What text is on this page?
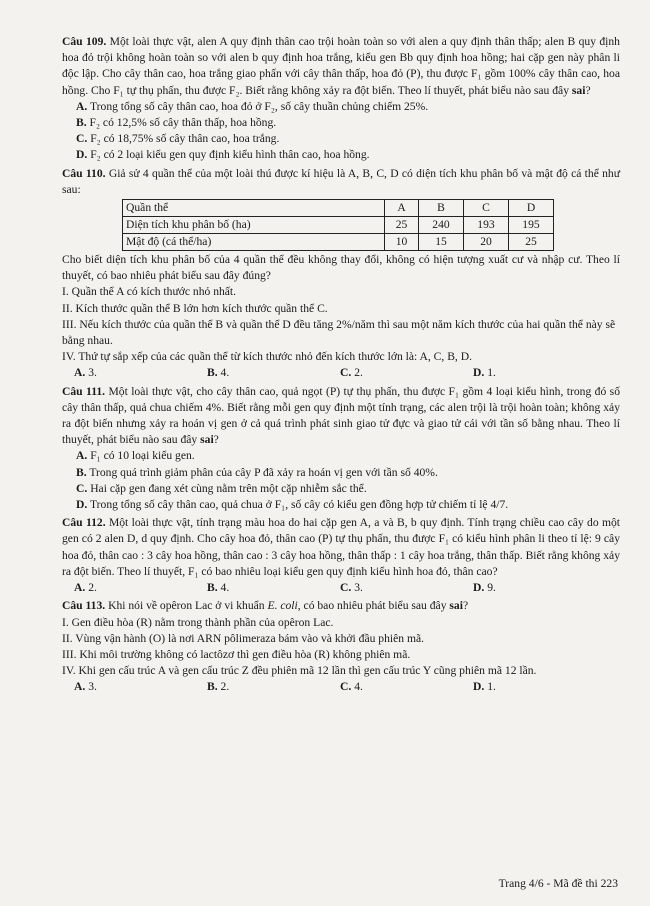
Câu 109. Một loài thực vật, alen A quy định thân cao trội hoàn toàn so với alen a quy định thân thấp; alen B quy định hoa đỏ trội không hoàn toàn so với alen b quy định hoa trắng, kiểu gen Bb quy định hoa hồng; hai cặp gen này phân li độc lập. Cho cây thân cao, hoa trắng giao phấn với cây thân thấp, hoa đỏ (P), thu được F₁ gồm 100% cây thân cao, hoa hồng. Cho F₁ tự thụ phấn, thu được F₂. Biết rằng không xảy ra đột biến. Theo lí thuyết, phát biểu nào sau đây sai?

A. Trong tổng số cây thân cao, hoa đỏ ở F₂, số cây thuần chủng chiếm 25%.

B. F₂ có 12,5% số cây thân thấp, hoa hồng.

C. F₂ có 18,75% số cây thân cao, hoa trắng.

D. F₂ có 2 loại kiểu gen quy định kiểu hình thân cao, hoa hồng.

Câu 110. Giả sử 4 quần thể của một loài thú được kí hiệu là A, B, C, D có diện tích khu phân bố và mật độ cá thể như sau:

Quần thể	A	B	C	D
Diện tích khu phân bố (ha)	25	240	193	195
Mật độ (cá thể/ha)	10	15	20	25

Cho biết diện tích khu phân bố của 4 quần thể đều không thay đổi, không có hiện tượng xuất cư và nhập cư. Theo lí thuyết, có bao nhiêu phát biểu sau đây đúng?

I. Quần thể A có kích thước nhỏ nhất.

II. Kích thước quần thể B lớn hơn kích thước quần thể C.

III. Nếu kích thước của quần thể B và quần thể D đều tăng 2%/năm thì sau một năm kích thước của hai quần thể này sẽ bằng nhau.

IV. Thứ tự sắp xếp của các quần thể từ kích thước nhỏ đến kích thước lớn là: A, C, B, D.

A. 3.	B. 4.	C. 2.	D. 1.

Câu 111. Một loài thực vật, cho cây thân cao, quả ngọt (P) tự thụ phấn, thu được F₁ gồm 4 loại kiểu hình, trong đó số cây thân thấp, quả chua chiếm 4%. Biết rằng mỗi gen quy định một tính trạng, các alen trội là trội hoàn toàn; không xảy ra đột biến nhưng xảy ra hoán vị gen ở cả quá trình phát sinh giao tử đực và giao tử cái với tần số bằng nhau. Theo lí thuyết, phát biểu nào sau đây sai?

A. F₁ có 10 loại kiểu gen.

B. Trong quá trình giảm phân của cây P đã xảy ra hoán vị gen với tần số 40%.

C. Hai cặp gen đang xét cùng nằm trên một cặp nhiễm sắc thể.

D. Trong tổng số cây thân cao, quả chua ở F₁, số cây có kiểu gen đồng hợp tử chiếm tỉ lệ 4/7.

Câu 112. Một loài thực vật, tính trạng màu hoa do hai cặp gen A, a và B, b quy định. Tính trạng chiều cao cây do một gen có 2 alen D, d quy định. Cho cây hoa đỏ, thân cao (P) tự thụ phấn, thu được F₁ có kiểu hình phân li theo tỉ lệ: 9 cây hoa đỏ, thân cao : 3 cây hoa hồng, thân cao : 3 cây hoa hồng, thân thấp : 1 cây hoa trắng, thân thấp. Biết rằng không xảy ra đột biến. Theo lí thuyết, F₁ có bao nhiêu loại kiểu gen quy định kiểu hình hoa đỏ, thân cao?

A. 2.	B. 4.	C. 3.	D. 9.

Câu 113. Khi nói về opêron Lac ở vi khuẩn E. coli, có bao nhiêu phát biểu sau đây sai?

I. Gen điều hòa (R) nằm trong thành phần của opêron Lac.

II. Vùng vận hành (O) là nơi ARN pôlimeraza bám vào và khởi đầu phiên mã.

III. Khi môi trường không có lactôzơ thì gen điều hòa (R) không phiên mã.

IV. Khi gen cấu trúc A và gen cấu trúc Z đều phiên mã 12 lần thì gen cấu trúc Y cũng phiên mã 12 lần.

A. 3.	B. 2.	C. 4.	D. 1.
Trang 4/6 - Mã đề thi 223
